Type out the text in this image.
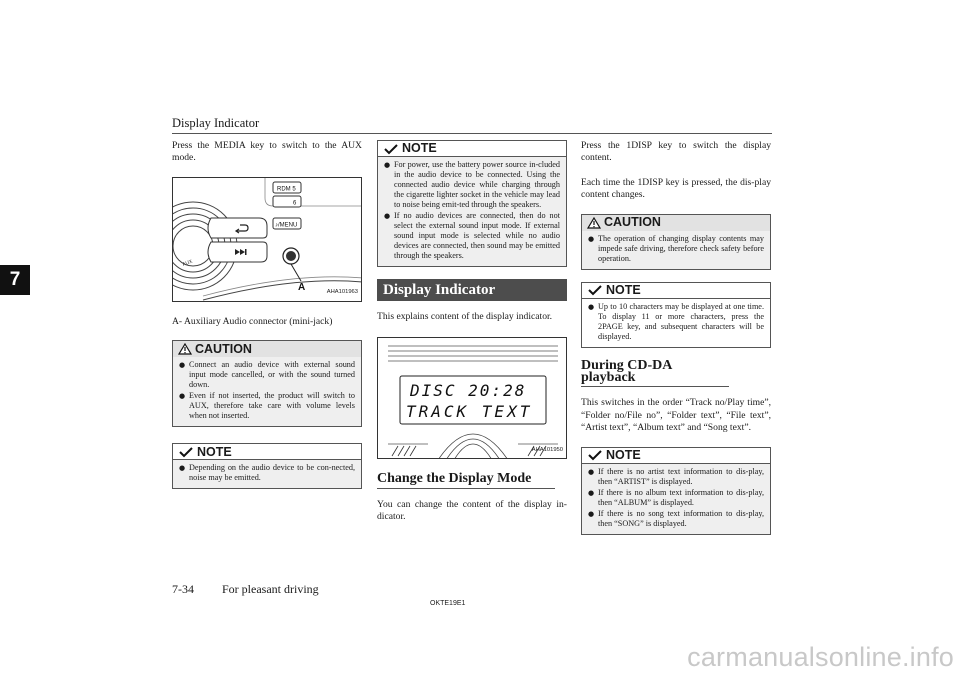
Display Indicator
7

Press the MEDIA key to switch to the AUX mode.

A
RDM 5
6
♪/MENU
AUX
AHA101963

A- Auxiliary Audio connector (mini-jack)

CAUTION
● Connect an audio device with external sound input mode cancelled, or with the sound turned down.
● Even if not inserted, the product will switch to AUX, therefore take care with volume levels when not inserted.
NOTE
● Depending on the audio device to be con-nected, noise may be emitted.
NOTE
● For power, use the battery power source in-cluded in the audio device to be connected. Using the connected audio device while charging through the cigarette lighter socket in the vehicle may lead to noise being emit-ted through the speakers.
● If no audio devices are connected, then do not select the external sound input mode. If external sound input mode is selected while no audio devices are connected, then sound may be emitted through the speakers.
Display Indicator

This explains content of the display indicator.

DISC 20:28
TRACK TEXT
AHA101950
Change the Display Mode

You can change the content of the display in-dicator.

Press the 1DISP key to switch the display content.

Each time the 1DISP key is pressed, the dis-play content changes.

CAUTION
● The operation of changing display contents may impede safe driving, therefore check safety before operation.
NOTE
● Up to 10 characters may be displayed at one time. To display 11 or more characters, press the 2PAGE key, and subsequent characters will be displayed.
During CD-DA playback

This switches in the order “Track no/Play time”, “Folder no/File no”, “Folder text”, “File text”, “Artist text”, “Album text” and “Song text”.

NOTE
● If there is no artist text information to dis-play, then “ARTIST” is displayed.
● If there is no album text information to dis-play, then “ALBUM” is displayed.
● If there is no song text information to dis-play, then “SONG” is displayed.
7-34 For pleasant driving
OKTE19E1
carmanualsonline.info
